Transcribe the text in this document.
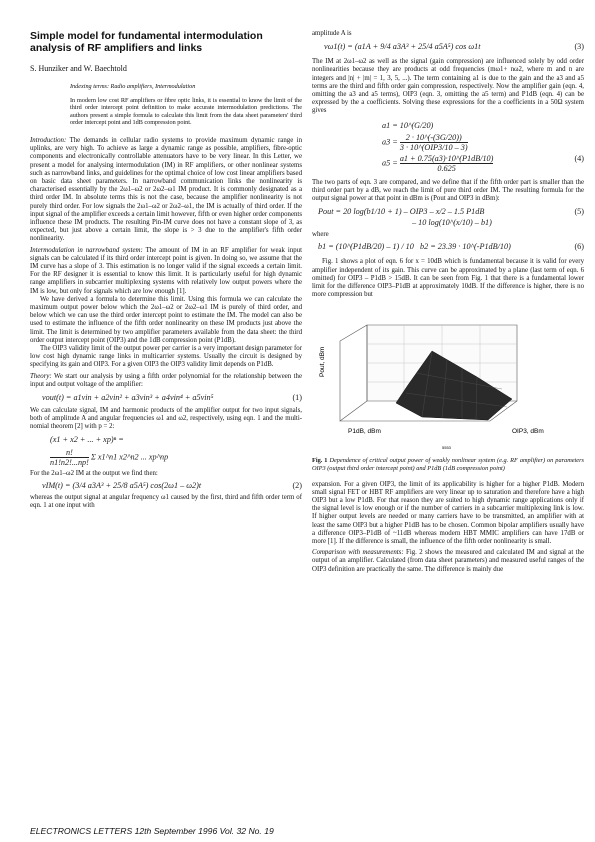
Simple model for fundamental intermodulation analysis of RF amplifiers and links
S. Hunziker and W. Baechtold

Indexing terms: Radio amplifiers, Intermodulation

In modern low cost RF amplifiers or fibre optic links, it is essential to know the limit of the third order intercept point definition to make accurate intermodulation predictions. The authors present a simple formula to calculate this limit from the data sheet parameters' third order intercept point and 1dB compression point.

Introduction: The demands in cellular radio systems to provide maximum dynamic range in uplinks, are very high. To achieve as large a dynamic range as possible, amplifiers, fibre-optic components and electronically controllable attenuators have to be very linear. In this Letter, we present a model for analysing intermodulation (IM) in RF amplifiers, or other nonlinear systems such as narrowband links, and guidelines for the optimal choice of low cost linear amplifiers based on basic data sheet parameters. In narrowband communication links the nonlinearity is characterised essentially by the 2ω1–ω2 or 2ω2–ω1 IM product. It is commonly designated as a third order IM. In absolute terms this is not the case, because the amplifier nonlinearity is not purely third order. For low signals the 2ω1–ω2 or 2ω2–ω1, the IM is actually of third order. If the input signal of the amplifier exceeds a certain limit however, fifth or even higher order components influence these IM products. The resulting Pin-IM curve does not have a constant slope of 3, as expected, but just above a certain limit, the slope is > 3 due to the amplifier's fifth order nonlinearity.

Intermodulation in narrowband system: The amount of IM in an RF amplifier for weak input signals can be calculated if its third order intercept point is given. In doing so, we assume that the IM curve has a slope of 3. This estimation is no longer valid if the signal exceeds a certain limit. For the RF designer it is essential to know this limit. It is particularly useful for high dynamic range amplifiers in subcarrier multiplexing systems with relatively low output powers where the IM is low, but only for signals which are low enough [1].

We have derived a formula to determine this limit. Using this formula we can calculate the maximum output power below which the 2ω1–ω2 or 2ω2–ω1 IM is purely of third order, and below which we can use the third order intercept point to estimate the IM. The model can also be used to estimate the influence of the fifth order nonlinearity on these IM products just above the limit. The limit is determined by two amplifier parameters available from the data sheet: the third order output intercept point (OIP3) and the 1dB compression point (P1dB).

The OIP3 validity limit of the output power per carrier is a very important design parameter for low cost high dynamic range links in multicarrier systems. Usually the circuit is designed by specifying its gain and OIP3. For a given OIP3 the OIP3 validity limit depends on P1dB.

Theory: We start our analysis by using a fifth order polynomial for the relationship between the input and output voltage of the amplifier:

vout(t) = a1vin + a2vin² + a3vin³ + a4vin⁴ + a5vin⁵	(1)

We can calculate signal, IM and harmonic products of the amplifier output for two input signals, both of amplitude A and angular frequencies ω1 and ω2, respectively, using eqn. 1 and the multi-nomial theorem [2] with p = 2:

(x1 + x2 + ... + xp)ⁿ =
$\frac{n!}{n1!n2!...np!}$ Σ x1^n1 x2^n2 ... xp^np

For the 2ω1–ω2 IM at the output we find then:

vIM(t) = (3/4 a3A³ + 25/8 a5A⁵) cos(2ω1 – ω2)t	(2)

whereas the output signal at angular frequency ω1 caused by the first, third and fifth order term of eqn. 1 at one input with

amplitude A is

vω1(t) = (a1A + 9/4 a3A³ + 25/4 a5A⁵) cos ω1t	(3)

The IM at 2ω1–ω2 as well as the signal (gain compression) are influenced solely by odd order nonlinearities because they are products at odd frequencies (mω1+ nω2, where m and n are integers and |n| + |m| = 1, 3, 5, ...). The term containing a1 is due to the gain and the a3 and a5 terms are the third and fifth order gain compression, respectively. Now the amplifier gain (eqn. 4, omitting the a3 and a5 terms), OIP3 (eqn. 3, omitting the a5 term) and P1dB (eqn. 4) can be expressed by the a coefficients. Solving these expressions for the a coefficients in a 50Ω system gives

a1 = 10^(G/20)
$a3 = \frac{2 \cdot 10\^{}(-(3G/20))}{\text{3 · 10\textasciicircum{}(OIP3/10 – 3)}}$
$a5 = \frac{a1 + 0.75(a3)\cdot 10\^{}(P1dB/10)}{0.625}$	(4)

The two parts of eqn. 3 are compared, and we define that if the fifth order part is smaller than the third order part by a dB, we reach the limit of pure third order IM. The resulting formula for the output signal power at that point in dBm is (Pout and OIP3 in dBm):

Pout = 20 log(b1/10 + 1) – OIP3 – x/2 – 1.5 P1dB	(5)
– 10 log(10^(x/10) – b1)

where

b1 = (10^(P1dB/20) – 1) / 10 b2 = 23.39 · 10^(-P1dB/10)	(6)

Fig. 1 shows a plot of eqn. 6 for x = 10dB which is fundamental because it is valid for every amplifier independent of its gain. This curve can be approximated by a plane (last term of eqn. 6 omitted) for OIP3 – P1dB > 15dB. It can be seen from Fig. 1 that there is a fundamental lower limit for the difference OIP3–P1dB at approximately 10dB. If the difference is higher, there is no more compression but

Pout, dBm
OIP3, dBm
P1dB, dBm
5553

Fig. 1 Dependence of critical output power of weakly nonlinear system (e.g. RF amplifier) on parameters OIP3 (output third order intercept point) and P1dB (1dB compression point)

expansion. For a given OIP3, the limit of its applicability is higher for a higher P1dB. Modern small signal FET or HBT RF amplifiers are very linear up to saturation and therefore have a high OIP3 but a low P1dB. For that reason they are suited to high dynamic range applications only if the signal level is low enough or if the number of carriers in a subcarrier multiplexing link is low. If higher output levels are needed or many carriers have to be transmitted, an amplifier with at least the same OIP3 but a higher P1dB has to be chosen. Common bipolar amplifiers usually have a difference OIP3–P1dB of ~11dB whereas modern HBT MMIC amplifiers can have 17dB or more [1]. If the difference is small, the influence of the fifth order nonlinearity is small.

Comparison with measurements: Fig. 2 shows the measured and calculated IM and signal at the output of an amplifier. Calculated (from data sheet parameters) and measured useful ranges of the OIP3 definition are practically the same. The difference is mainly due

ELECTRONICS LETTERS 12th September 1996 Vol. 32 No. 19
